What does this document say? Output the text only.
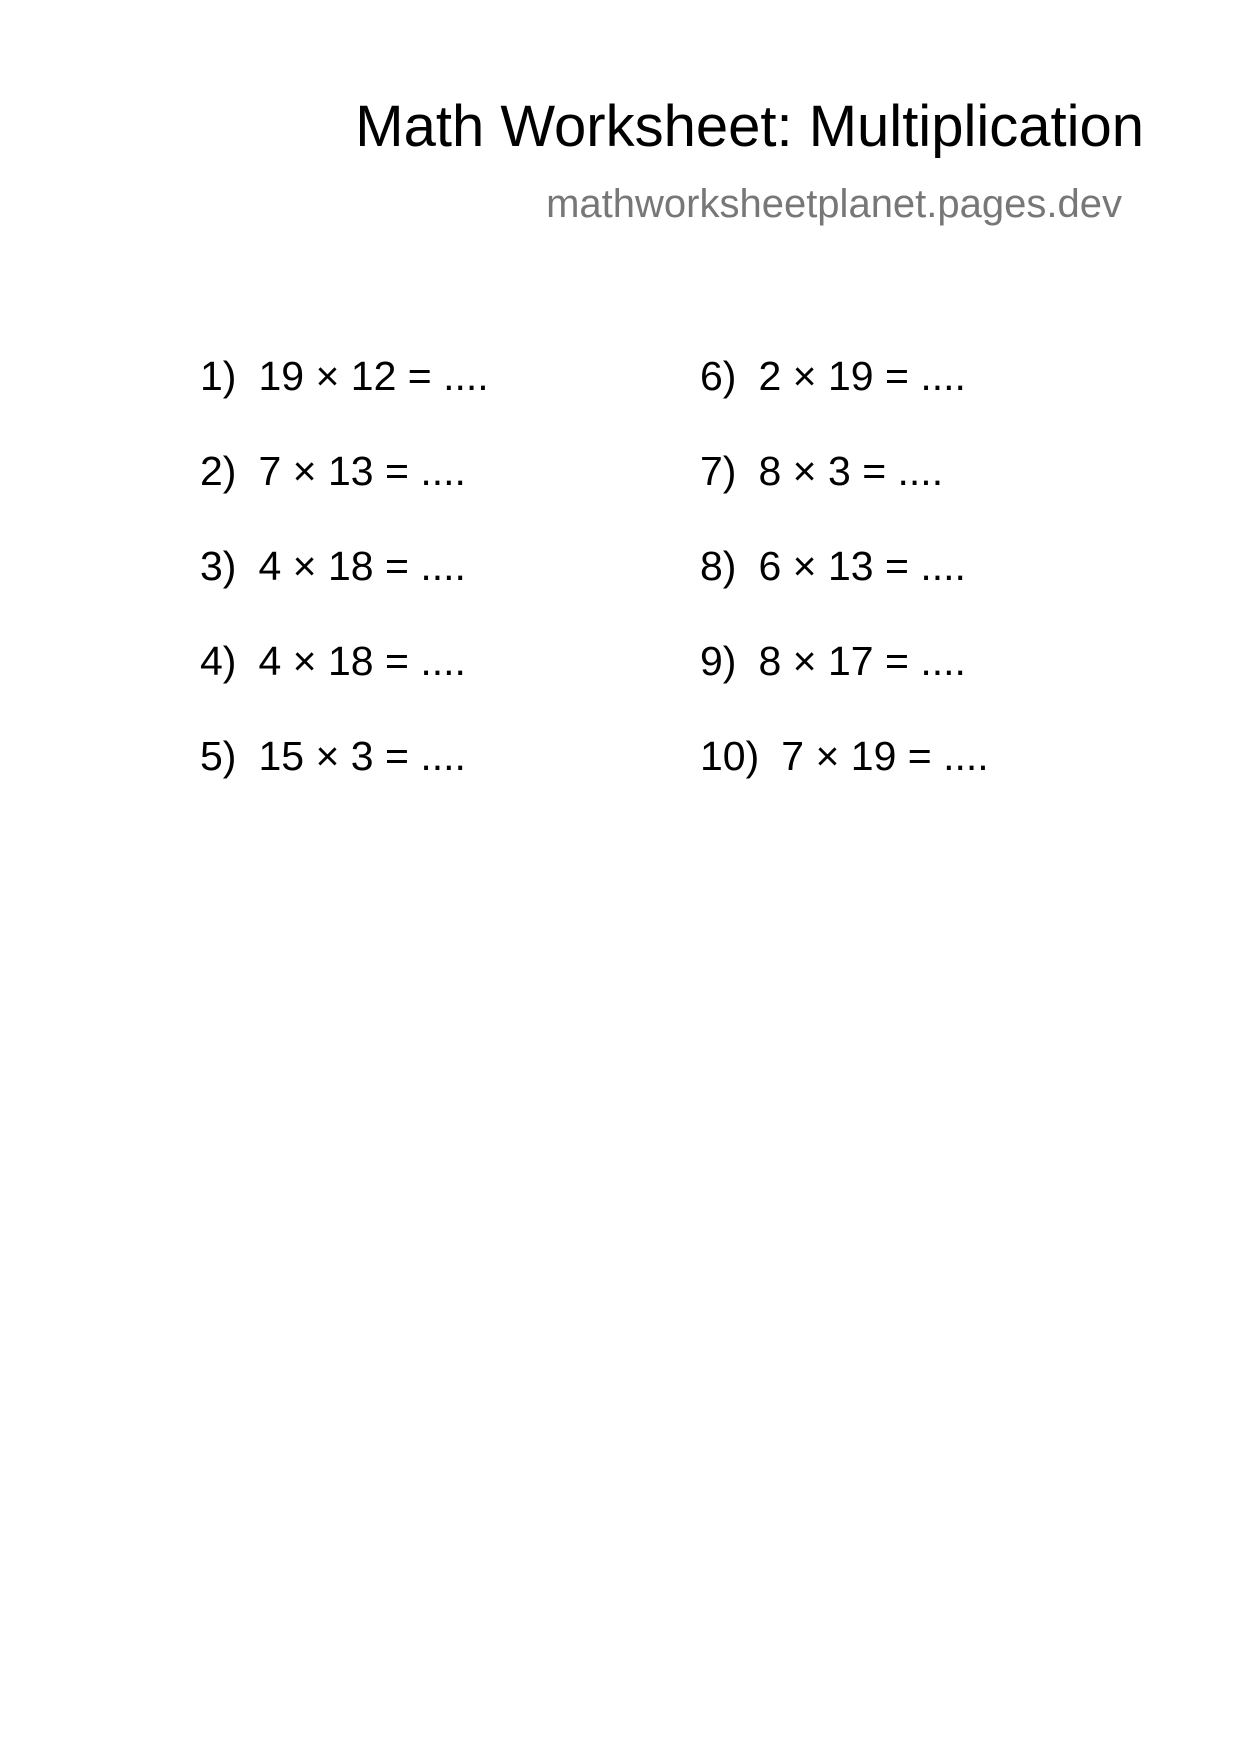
Math Worksheet: Multiplication
mathworksheetplanet.pages.dev
1) 19 × 12 = ....
2) 7 × 13 = ....
3) 4 × 18 = ....
4) 4 × 18 = ....
5) 15 × 3 = ....
6) 2 × 19 = ....
7) 8 × 3 = ....
8) 6 × 13 = ....
9) 8 × 17 = ....
10) 7 × 19 = ....
